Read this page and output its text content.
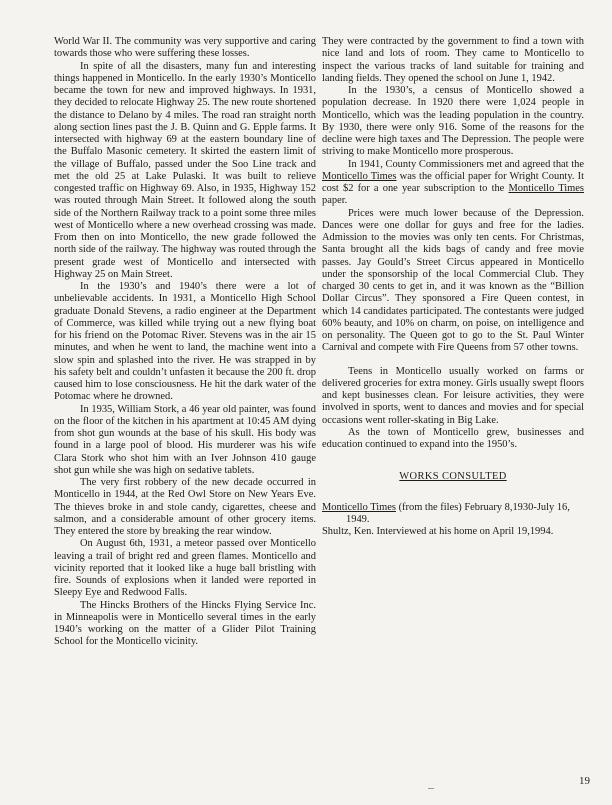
World War II. The community was very supportive and caring towards those who were suffering these losses.

In spite of all the disasters, many fun and interesting things happened in Monticello. In the early 1930’s Monticello became the town for new and improved highways. In 1931, they decided to relocate Highway 25. The new route shortened the distance to Delano by 4 miles. The road ran straight north along section lines past the J. B. Quinn and G. Epple farms. It intersected with highway 69 at the eastern boundary line of the Buffalo Masonic cemetery. It skirted the eastern limit of the village of Buffalo, passed under the Soo Line track and met the old 25 at Lake Pulaski. It was built to relieve congested traffic on Highway 69. Also, in 1935, Highway 152 was routed through Main Street. It followed along the south side of the Northern Railway track to a point some three miles west of Monticello where a new overhead crossing was made. From then on into Monticello, the new grade followed the north side of the railway. The highway was routed through the present grade west of Monticello and intersected with Highway 25 on Main Street.

In the 1930’s and 1940’s there were a lot of unbelievable accidents. In 1931, a Monticello High School graduate Donald Stevens, a radio engineer at the Department of Commerce, was killed while trying out a new flying boat for his friend on the Potomac River. Stevens was in the air 15 minutes, and when he went to land, the machine went into a slow spin and splashed into the river. He was strapped in by his safety belt and couldn’t unfasten it because the 200 ft. drop caused him to lose consciousness. He hit the dark water of the Potomac where he drowned.

In 1935, William Stork, a 46 year old painter, was found on the floor of the kitchen in his apartment at 10:45 AM dying from shot gun wounds at the base of his skull. His body was found in a large pool of blood. His murderer was his wife Clara Stork who shot him with an Iver Johnson 410 gauge shot gun while she was high on sedative tablets.

The very first robbery of the new decade occurred in Monticello in 1944, at the Red Owl Store on New Years Eve. The thieves broke in and stole candy, cigarettes, cheese and salmon, and a considerable amount of other grocery items. They entered the store by breaking the rear window.

On August 6th, 1931, a meteor passed over Monticello leaving a trail of bright red and green flames. Monticello and vicinity reported that it looked like a huge ball bristling with fire. Sounds of explosions when it landed were reported in Sleepy Eye and Redwood Falls.

The Hincks Brothers of the Hincks Flying Service Inc. in Minneapolis were in Monticello several times in the early 1940’s working on the matter of a Glider Pilot Training School for the Monticello vicinity.

They were contracted by the government to find a town with nice land and lots of room. They came to Monticello to inspect the various tracks of land suitable for training and landing fields. They opened the school on June 1, 1942.

In the 1930’s, a census of Monticello showed a population decrease. In 1920 there were 1,024 people in Monticello, which was the leading population in the country. By 1930, there were only 916. Some of the reasons for the decline were high taxes and The Depression. The people were striving to make Monticello more prosperous.

In 1941, County Commissioners met and agreed that the Monticello Times was the official paper for Wright County. It cost $2 for a one year subscription to the Monticello Times paper.

Prices were much lower because of the Depression. Dances were one dollar for guys and free for the ladies. Admission to the movies was only ten cents. For Christmas, Santa brought all the kids bags of candy and free movie passes. Jay Gould’s Street Circus appeared in Monticello under the sponsorship of the local Commercial Club. They charged 30 cents to get in, and it was known as the “Billion Dollar Circus”. They sponsored a Fire Queen contest, in which 14 candidates participated. The contestants were judged 60% beauty, and 10% on charm, on poise, on intelligence and on personality. The Queen got to go to the St. Paul Winter Carnival and compete with Fire Queens from 57 other towns.

Teens in Monticello usually worked on farms or delivered groceries for extra money. Girls usually swept floors and kept businesses clean. For leisure activities, they were involved in sports, went to dances and movies and for special occasions went roller-skating in Big Lake.

As the town of Monticello grew, businesses and education continued to expand into the 1950’s.

WORKS CONSULTED

Monticello Times (from the files) February 8,1930-July 16, 1949.

Shultz, Ken. Interviewed at his home on April 19,1994.

19
